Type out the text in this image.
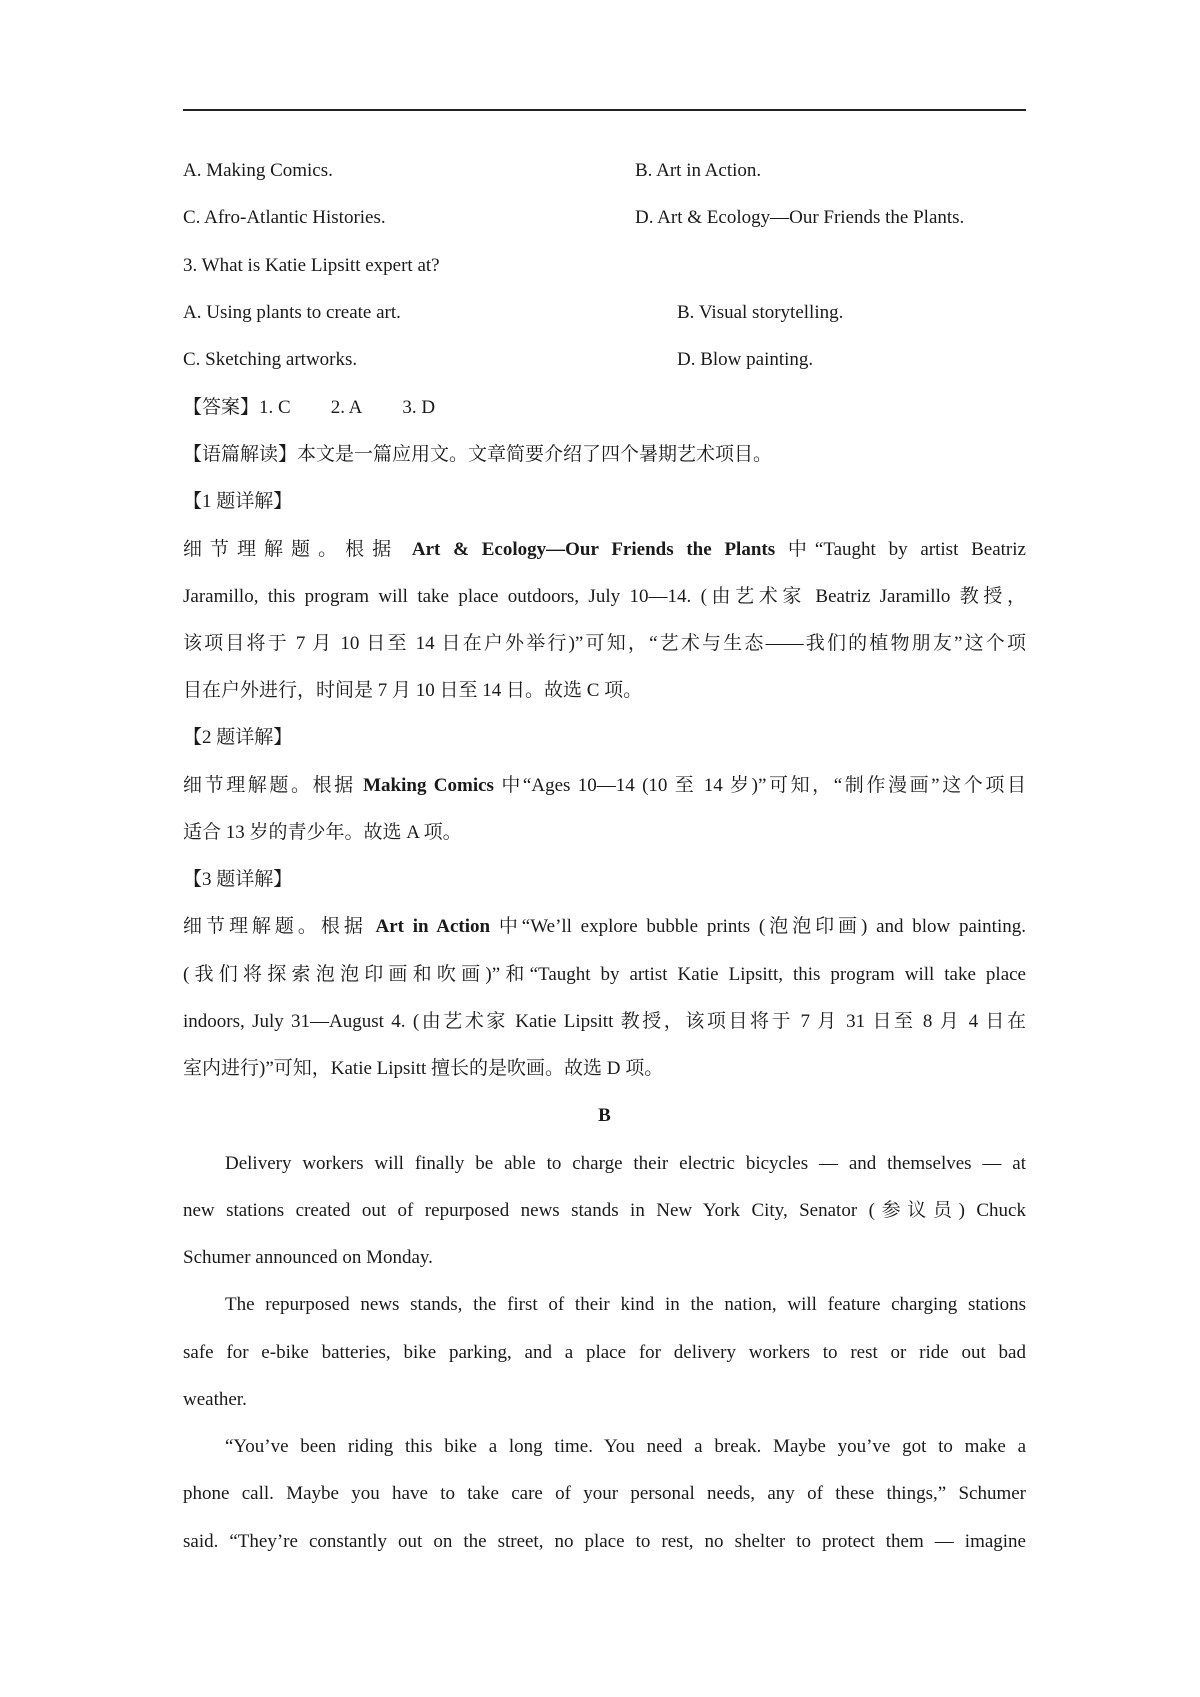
A. Making Comics.	B. Art in Action.
C. Afro-Atlantic Histories.	D. Art & Ecology—Our Friends the Plants.
3. What is Katie Lipsitt expert at?
A. Using plants to create art.	B. Visual storytelling.
C. Sketching artworks.	D. Blow painting.
【答案】1. C 2. A 3. D
【语篇解读】本文是一篇应用文。文章简要介绍了四个暑期艺术项目。
【1 题详解】
细节理解题。根据 Art & Ecology—Our Friends the Plants 中“Taught by artist Beatriz
Jaramillo, this program will take place outdoors, July 10—14. (由艺术家 Beatriz Jaramillo 教授，
该项目将于 7 月 10 日至 14 日在户外举行)”可知，“艺术与生态——我们的植物朋友”这个项
目在户外进行，时间是 7 月 10 日至 14 日。故选 C 项。
【2 题详解】
细节理解题。根据 Making Comics 中“Ages 10—14 (10 至 14 岁)”可知，“制作漫画”这个项目
适合 13 岁的青少年。故选 A 项。
【3 题详解】
细节理解题。根据 Art in Action 中“We’ll explore bubble prints (泡泡印画) and blow painting.
(我们将探索泡泡印画和吹画)”和“Taught by artist Katie Lipsitt, this program will take place
indoors, July 31—August 4. (由艺术家 Katie Lipsitt 教授，该项目将于 7 月 31 日至 8 月 4 日在
室内进行)”可知，Katie Lipsitt 擅长的是吹画。故选 D 项。
B
Delivery workers will finally be able to charge their electric bicycles — and themselves — at
new stations created out of repurposed news stands in New York City, Senator (参议员) Chuck
Schumer announced on Monday.
The repurposed news stands, the first of their kind in the nation, will feature charging stations
safe for e-bike batteries, bike parking, and a place for delivery workers to rest or ride out bad
weather.
“You’ve been riding this bike a long time. You need a break. Maybe you’ve got to make a
phone call. Maybe you have to take care of your personal needs, any of these things,” Schumer
said. “They’re constantly out on the street, no place to rest, no shelter to protect them — imagine
